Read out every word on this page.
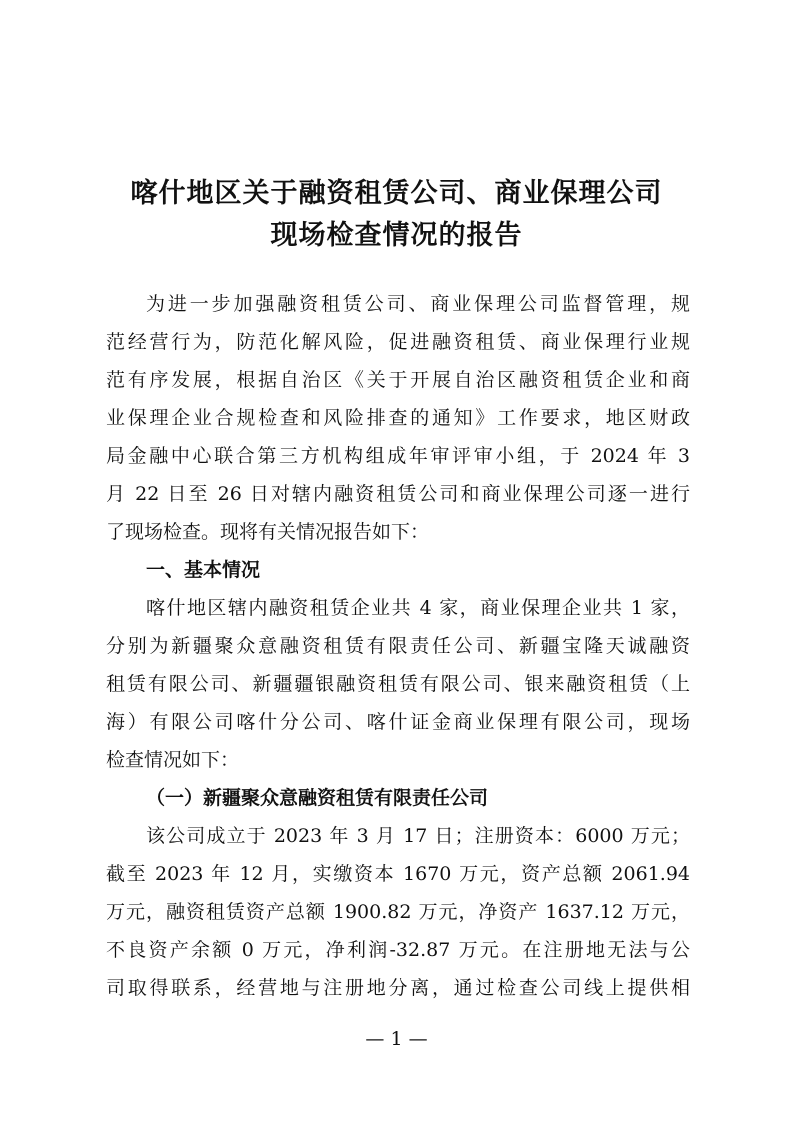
喀什地区关于融资租赁公司、商业保理公司
现场检查情况的报告

为进一步加强融资租赁公司、商业保理公司监督管理，规

范经营行为，防范化解风险，促进融资租赁、商业保理行业规

范有序发展，根据自治区《关于开展自治区融资租赁企业和商

业保理企业合规检查和风险排查的通知》工作要求，地区财政

局金融中心联合第三方机构组成年审评审小组，于 2024 年 3

月 22 日至 26 日对辖内融资租赁公司和商业保理公司逐一进行

了现场检查。现将有关情况报告如下：

一、基本情况

喀什地区辖内融资租赁企业共 4 家，商业保理企业共 1 家，

分别为新疆聚众意融资租赁有限责任公司、新疆宝隆天诚融资

租赁有限公司、新疆疆银融资租赁有限公司、银来融资租赁（上

海）有限公司喀什分公司、喀什证金商业保理有限公司，现场

检查情况如下：

（一）新疆聚众意融资租赁有限责任公司

该公司成立于 2023 年 3 月 17 日；注册资本：6000 万元；

截至 2023 年 12 月，实缴资本 1670 万元，资产总额 2061.94

万元，融资租赁资产总额 1900.82 万元，净资产 1637.12 万元，

不良资产余额 0 万元，净利润-32.87 万元。在注册地无法与公

司取得联系，经营地与注册地分离，通过检查公司线上提供相

— 1 —
